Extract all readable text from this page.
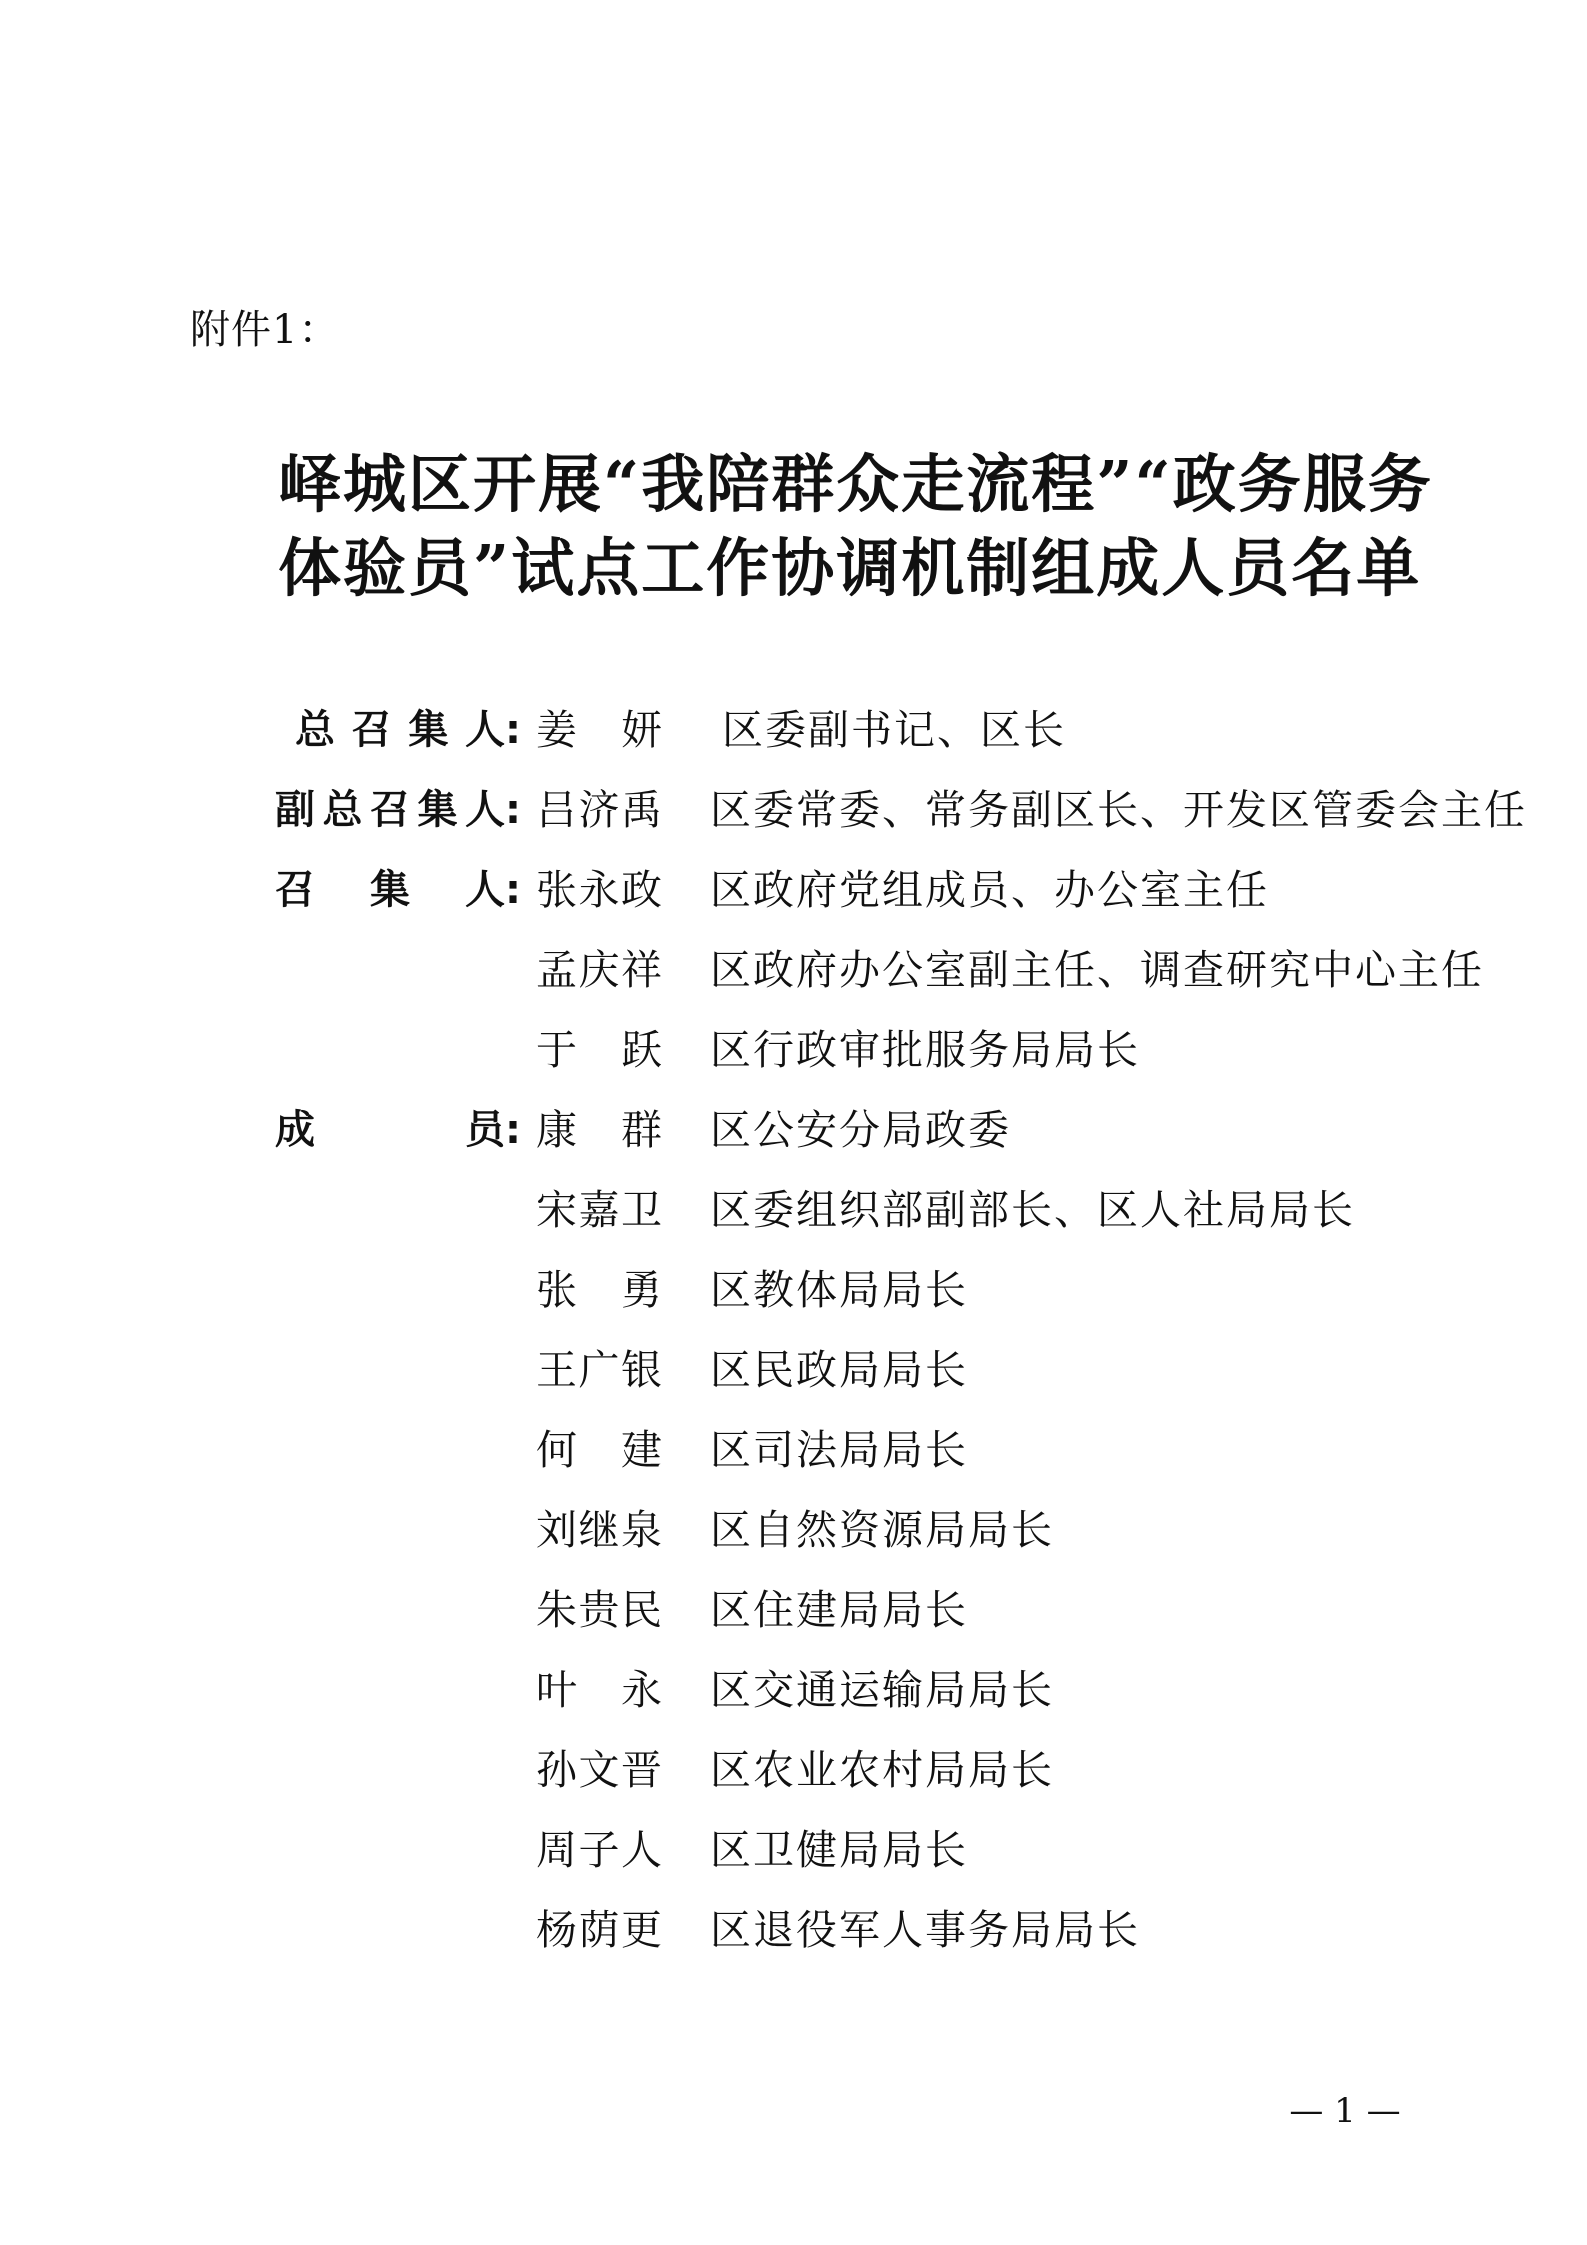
附件1：
峄城区开展“我陪群众走流程”“政务服务
体验员”试点工作协调机制组成人员名单
总召集人 : 姜 妍 区委副书记、区长
副总召集人 : 吕济禹 区委常委、常务副区长、开发区管委会主任
召集人 : 张永政 区政府党组成员、办公室主任
孟庆祥 区政府办公室副主任、调查研究中心主任
于 跃 区行政审批服务局局长
成员 : 康 群 区公安分局政委
宋嘉卫 区委组织部副部长、区人社局局长
张 勇 区教体局局长
王广银 区民政局局长
何 建 区司法局局长
刘继泉 区自然资源局局长
朱贵民 区住建局局长
叶 永 区交通运输局局长
孙文晋 区农业农村局局长
周子人 区卫健局局长
杨荫更 区退役军人事务局局长
— 1 —
